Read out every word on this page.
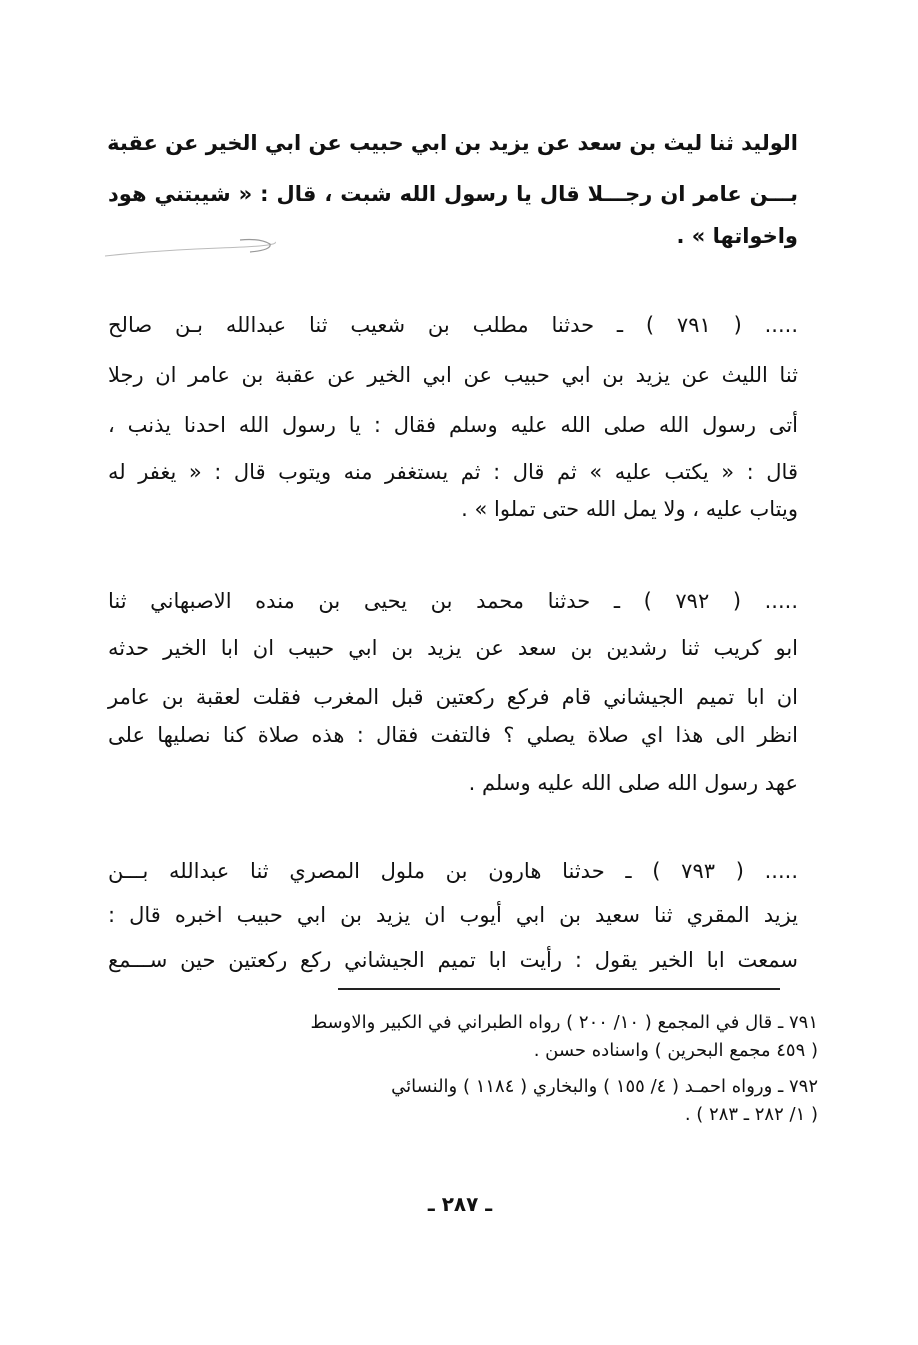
الوليد ثنا ليث بن سعد عن يزيد بن ابي حبيب عن ابي الخير عن عقبة
بـــن عامر ان رجـــلا قال يا رسول الله شبت ، قال : « شيبتني هود
واخواتها » .
..... ( ٧٩١ ) ـ حدثنا مطلب بن شعيب ثنا عبدالله بـن صالح
ثنا الليث عن يزيد بن ابي حبيب عن ابي الخير عن عقبة بن عامر ان رجلا
أتى رسول الله صلى الله عليه وسلم فقال : يا رسول الله احدنا يذنب ،
قال : « يكتب عليه » ثم قال : ثم يستغفر منه ويتوب قال : « يغفر له
ويتاب عليه ، ولا يمل الله حتى تملوا » .
..... ( ٧٩٢ ) ـ حدثنا محمد بن يحيى بن منده الاصبهاني ثنا
ابو كريب ثنا رشدين بن سعد عن يزيد بن ابي حبيب ان ابا الخير حدثه
ان ابا تميم الجيشاني قام فركع ركعتين قبل المغرب فقلت لعقبة بن عامر
انظر الى هذا اي صلاة يصلي ؟ فالتفت فقال : هذه صلاة كنا نصليها على
عهد رسول الله صلى الله عليه وسلم .
..... ( ٧٩٣ ) ـ حدثنا هارون بن ملول المصري ثنا عبدالله بـــن
يزيد المقري ثنا سعيد بن ابي أيوب ان يزيد بن ابي حبيب اخبره قال :
سمعت ابا الخير يقول : رأيت ابا تميم الجيشاني ركع ركعتين حين ســـمع
٧٩١ ـ قال في المجمع ( ١٠/ ٢٠٠ ) رواه الطبراني في الكبير والاوسط
( ٤٥٩ مجمع البحرين ) واسناده حسن .
٧٩٢ ـ ورواه احمـد ( ٤/ ١٥٥ ) والبخاري ( ١١٨٤ ) والنسائي
( ١/ ٢٨٢ ـ ٢٨٣ ) .
ـ ٢٨٧ ـ
